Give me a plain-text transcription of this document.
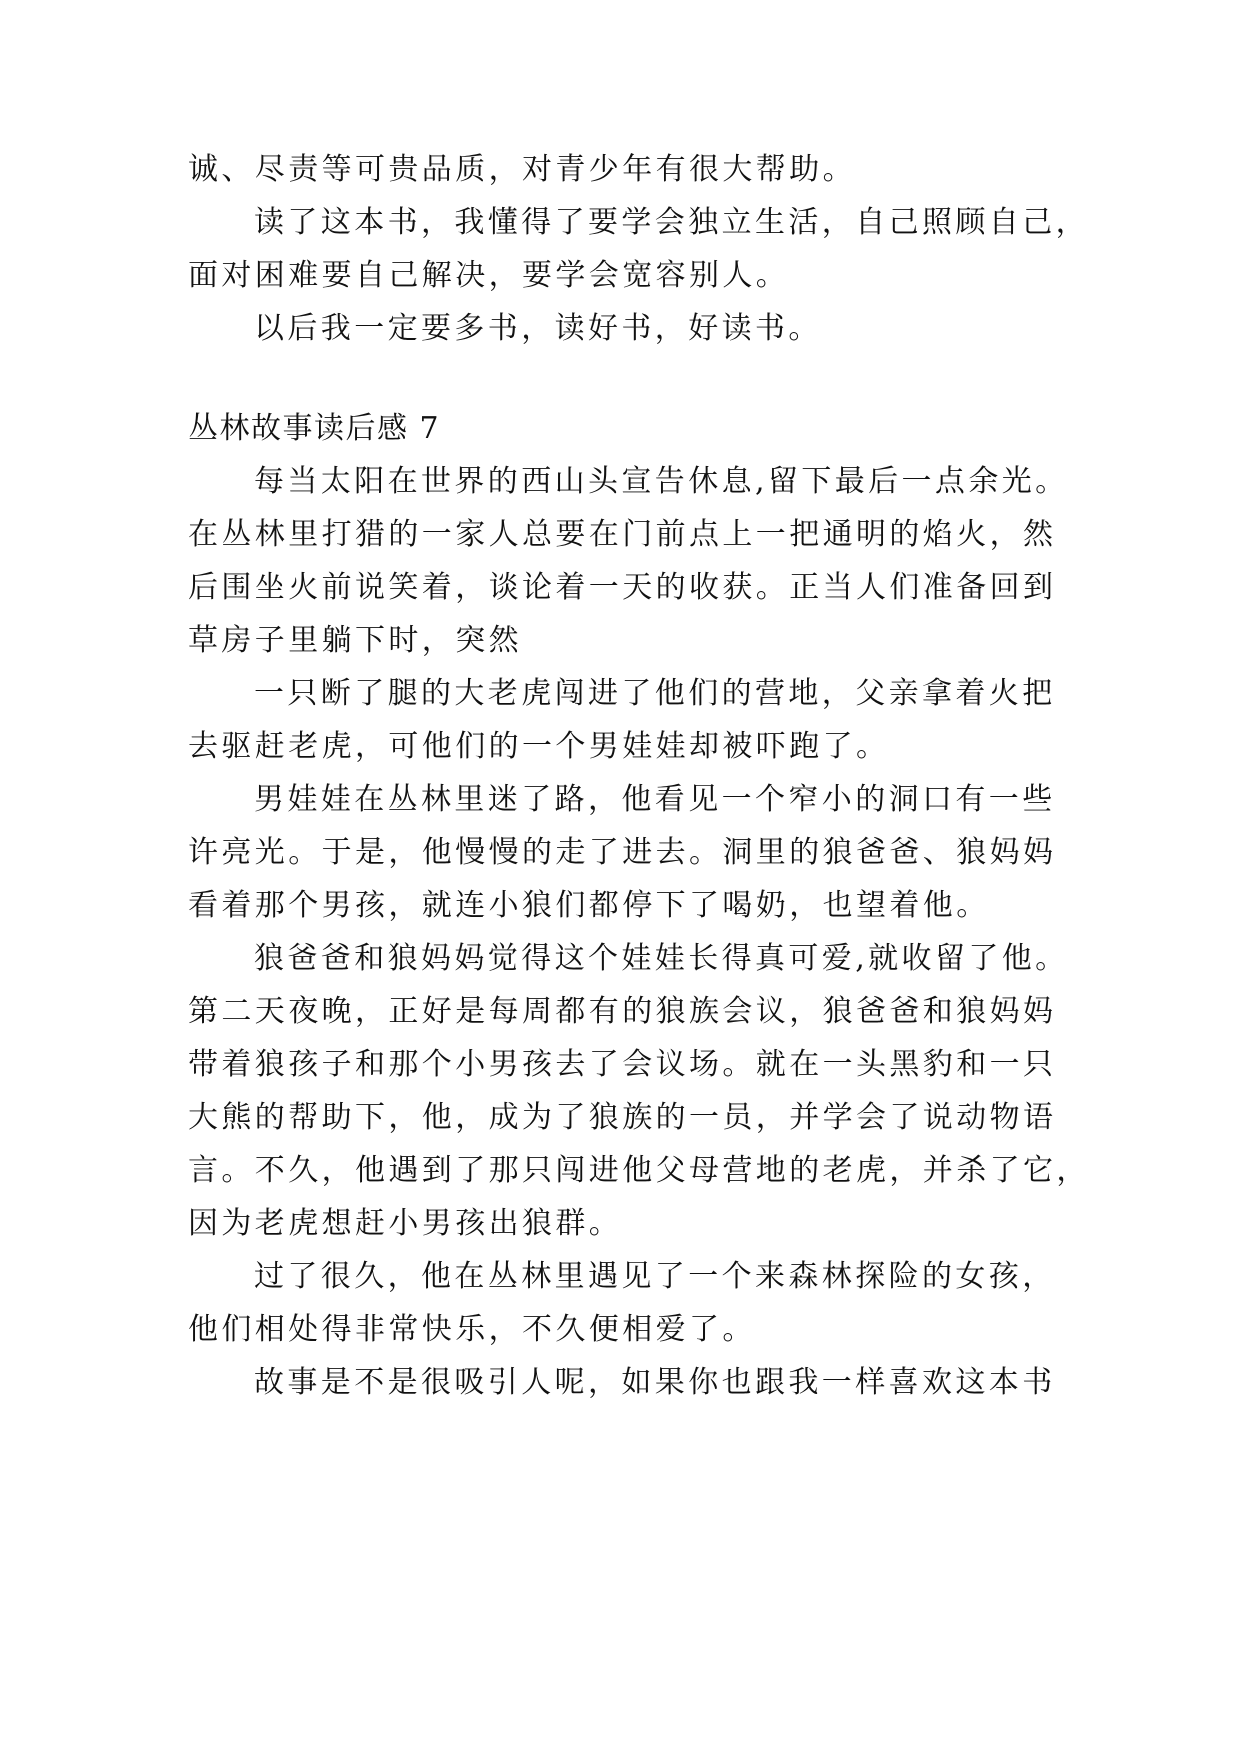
诚、尽责等可贵品质，对青少年有很大帮助。
读了这本书，我懂得了要学会独立生活，自己照顾自己，
面对困难要自己解决，要学会宽容别人。
以后我一定要多书，读好书，好读书。
丛林故事读后感 7
每当太阳在世界的西山头宣告休息,留下最后一点余光。
在丛林里打猎的一家人总要在门前点上一把通明的焰火，然
后围坐火前说笑着，谈论着一天的收获。正当人们准备回到
草房子里躺下时，突然
一只断了腿的大老虎闯进了他们的营地，父亲拿着火把
去驱赶老虎，可他们的一个男娃娃却被吓跑了。
男娃娃在丛林里迷了路，他看见一个窄小的洞口有一些
许亮光。于是，他慢慢的走了进去。洞里的狼爸爸、狼妈妈
看着那个男孩，就连小狼们都停下了喝奶，也望着他。
狼爸爸和狼妈妈觉得这个娃娃长得真可爱,就收留了他。
第二天夜晚，正好是每周都有的狼族会议，狼爸爸和狼妈妈
带着狼孩子和那个小男孩去了会议场。就在一头黑豹和一只
大熊的帮助下，他，成为了狼族的一员，并学会了说动物语
言。不久，他遇到了那只闯进他父母营地的老虎，并杀了它，
因为老虎想赶小男孩出狼群。
过了很久，他在丛林里遇见了一个来森林探险的女孩，
他们相处得非常快乐，不久便相爱了。
故事是不是很吸引人呢，如果你也跟我一样喜欢这本书
